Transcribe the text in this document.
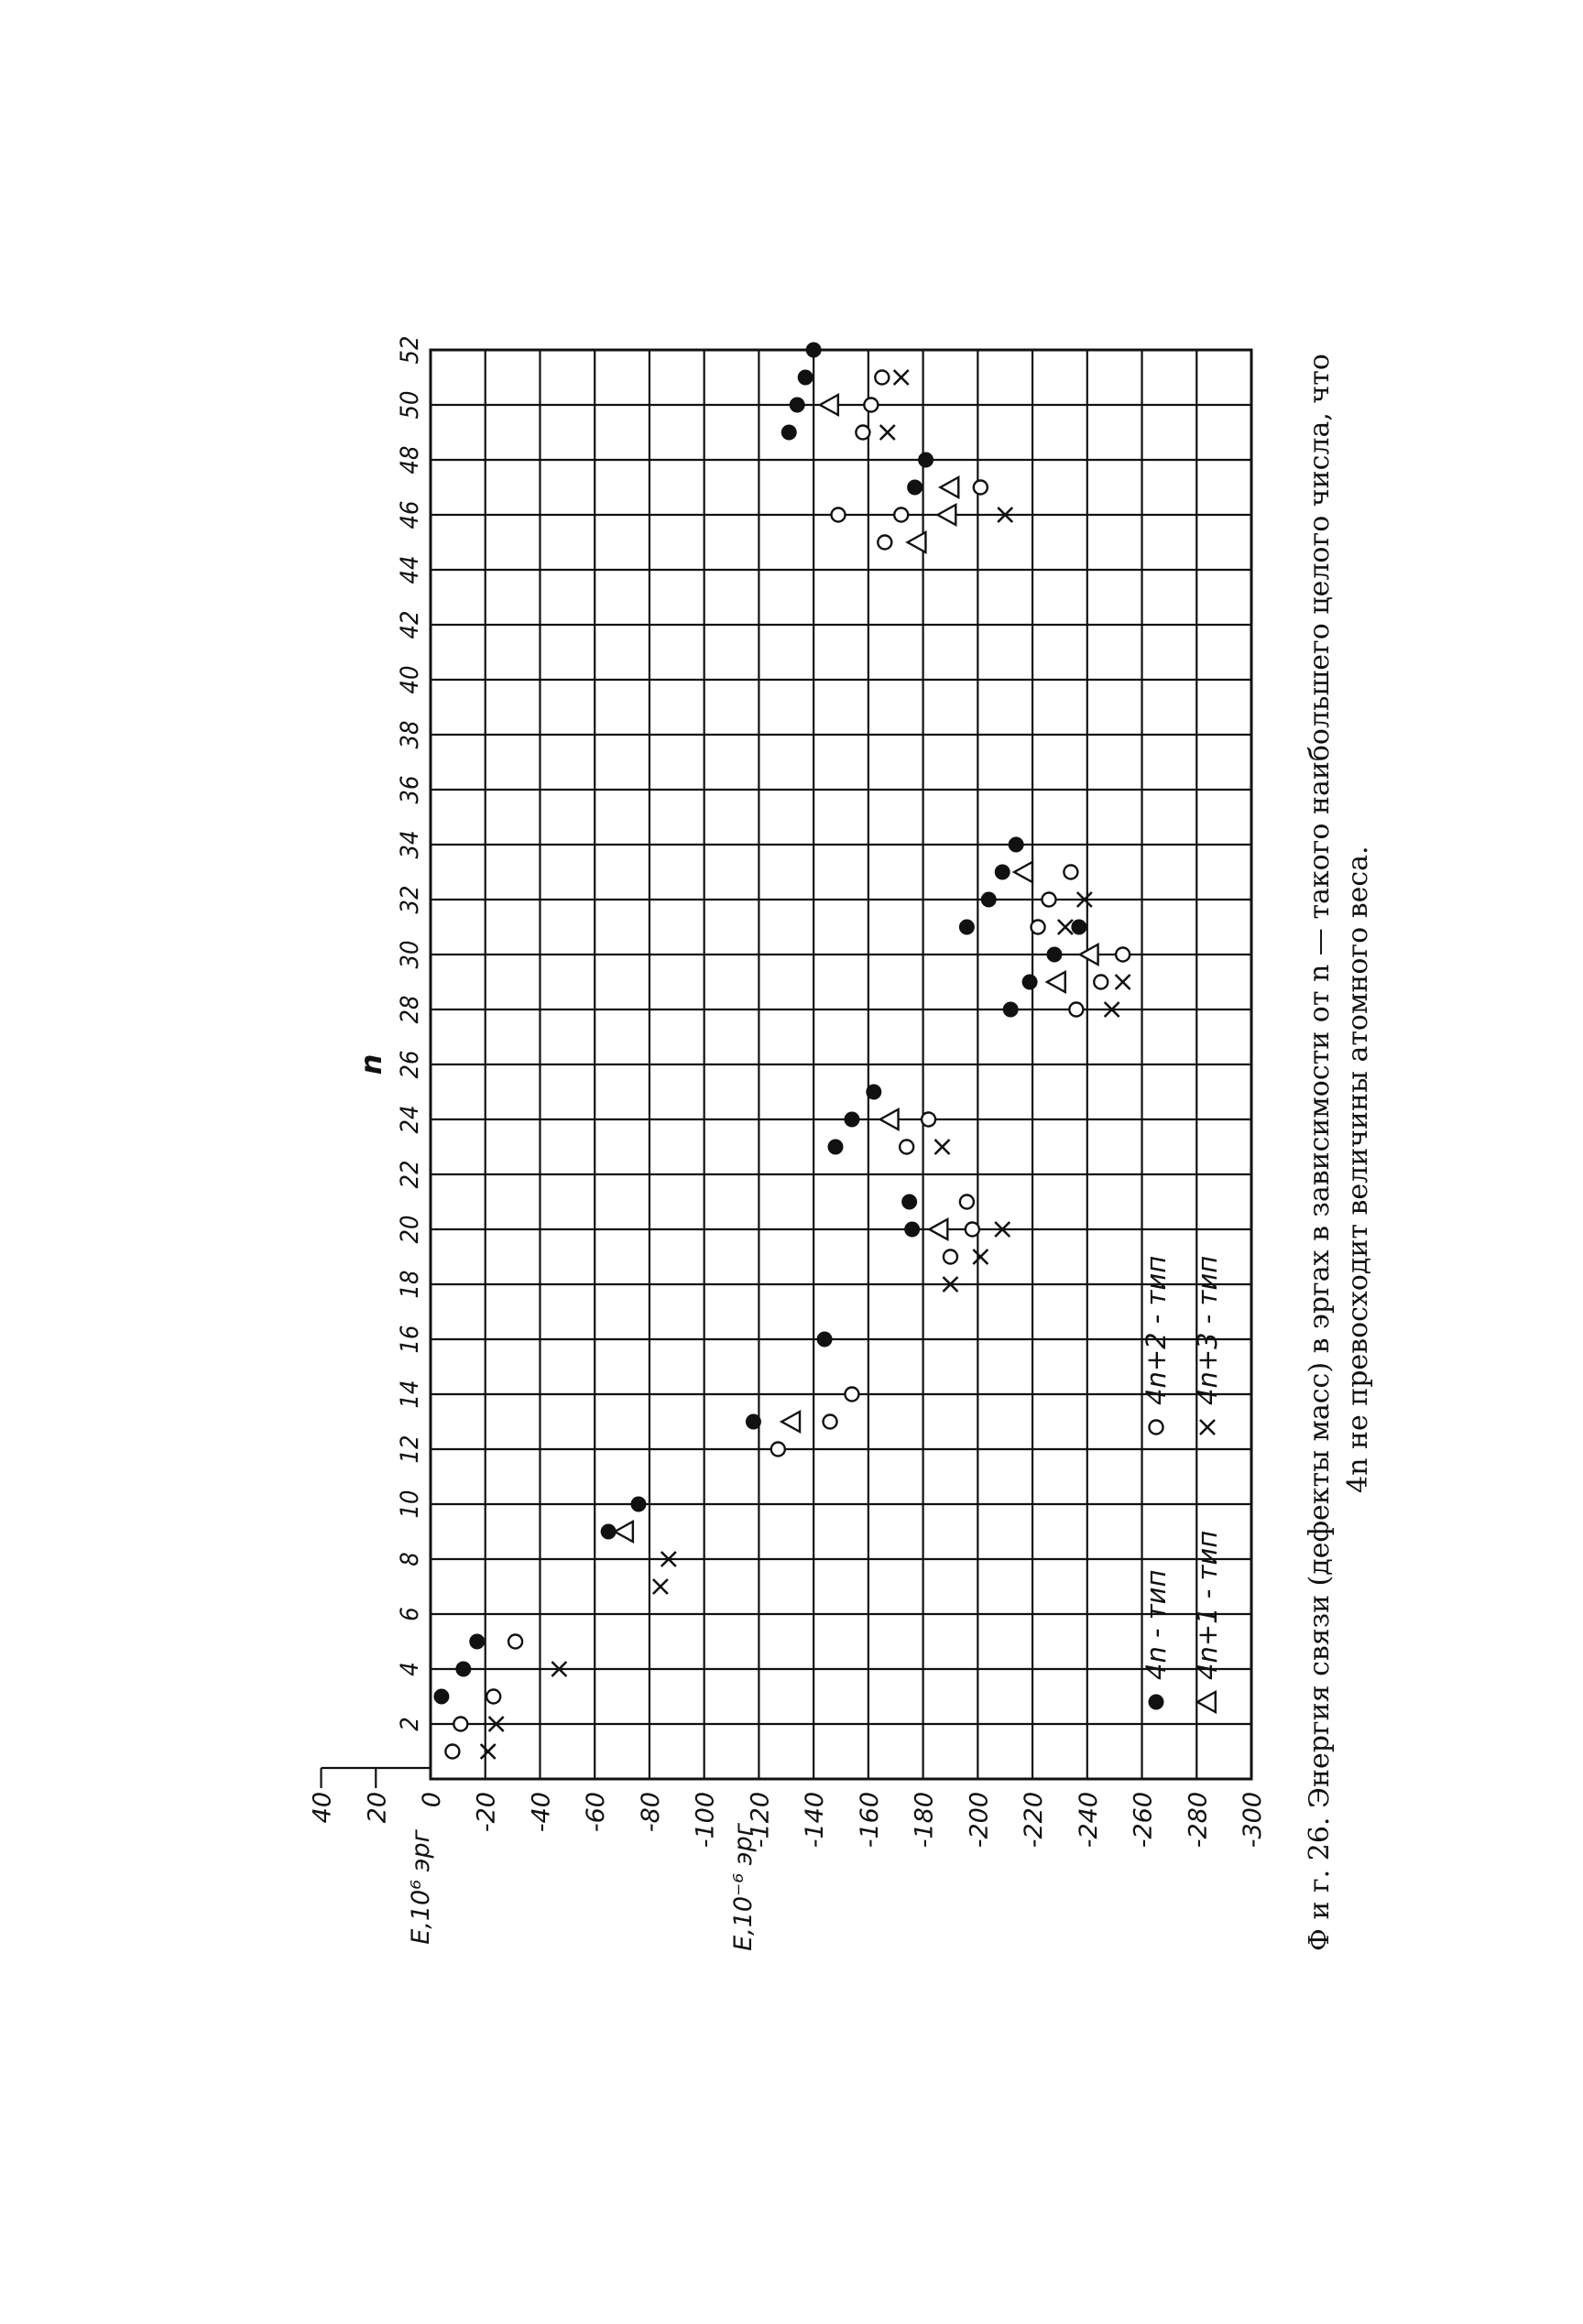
2
4
6
8
10
12
14
16
18
20
22
24
26
28
30
32
34
36
38
40
42
44
46
48
50
52
-20 -40 -60 -80 -100 -120 -140 -160 -180 -200 -220 -240 -260 -280 -300
40 20 0
4n - тип 4n+1 - тип
4n+2 - тип 4n+3 - тип
n
E,10⁶ эрг	E,10⁻⁶ эрг	Ф и г. 26. Энергия связи (дефекты масс) в эргах в зависимости от n — такого наибольшего целого числа, что 4n не превосходит величины атомного веса.
